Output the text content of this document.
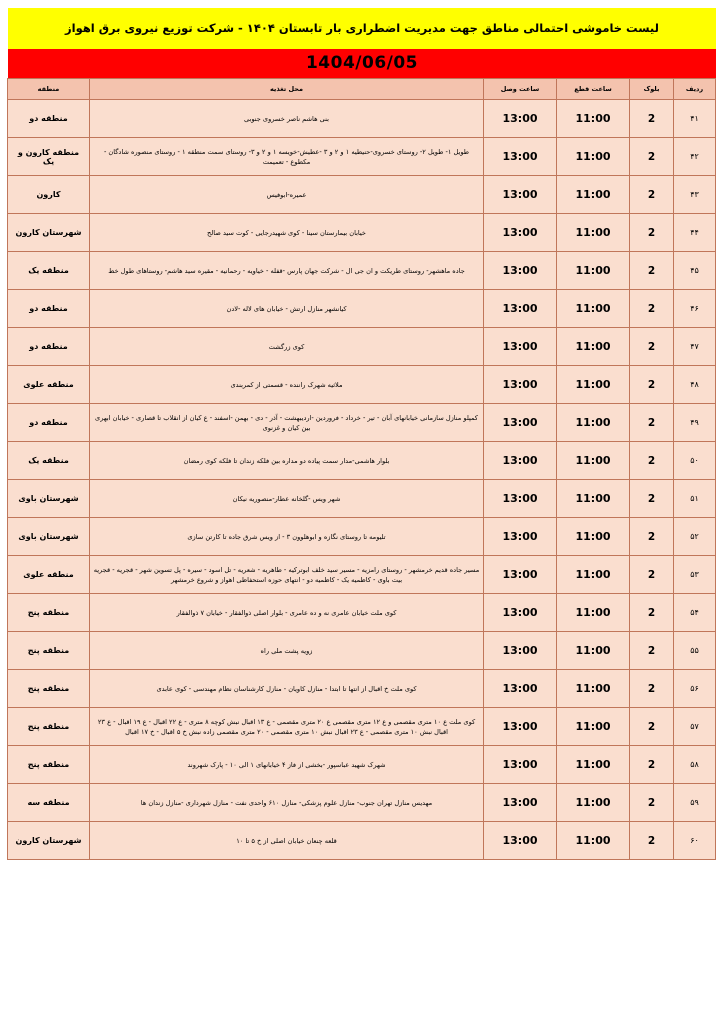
لیست خاموشی احتمالی مناطق جهت مدیریت اضطراری بار تابستان ۱۴۰۴ - شرکت توزیع نیروی برق اهواز
1404/06/05
ردیف	بلوک	ساعت قطع	ساعت وصل	محل تغذیه	منطقه
۴۱	2	11:00	13:00	بنی هاشم ناصر خسروی جنوبی	منطقه دو
۴۲	2	11:00	13:00	طویل ۱- طویل ۲- روستای خسروی-حنیطیه ۱ و ۲ و ۳ -عطیش-خویسه ۱ و ۲ و ۳- روستای سمت منطقه ۱ - روستای منصوره شادگان - مکطوع - تعمیمت	منطقه کارون و یک
۴۳	2	11:00	13:00	عمیره-ابوفیس	کارون
۴۴	2	11:00	13:00	خیابان بیمارستان سینا - کوی شهیدرجایی - کوت سید صالح	شهرستان کارون
۴۵	2	11:00	13:00	جاده ماهشهر- روستای طریکت و ان جی ال - شرکت جهان پارس -قفله - خیاویه - رحمانیه - مقیره سید هاشم- روستاهای طول خط	منطقه یک
۴۶	2	11:00	13:00	کیانشهر منازل ارتش - خیابان های لاله -لادن	منطقه دو
۴۷	2	11:00	13:00	کوی زرگشت	منطقه دو
۴۸	2	11:00	13:00	ملاثیه شهرک راننده - قسمتی از کمربندی	منطقه علوی
۴۹	2	11:00	13:00	کمپلو منازل سازمانی خیابانهای آبان - تیر - خرداد - فروردین -اردیبهشت - آذر - دی - بهمن -اسفند - ع کیان از انقلاب تا قصاری - خیابان ابهری بین کیان و غزنوی	منطقه دو
۵۰	2	11:00	13:00	بلوار هاشمی-مدار سمت پیاده دو مداره بین فلکه زندان تا فلکه کوی رمضان	منطقه یک
۵۱	2	11:00	13:00	شهر ویس -گلخانه عطار-منصوریه نیکان	شهرستان باوی
۵۲	2	11:00	13:00	تلیومه تا روستای نگازه و ابوهلوون ۳ - از ویس شرق جاده تا کارتن سازی	شهرستان باوی
۵۳	2	11:00	13:00	مسیر جاده قدیم خرمشهر - روستای رامزیه - مسیر سید خلف ابوترکیه - طاهریه - شعریه - تل اسود - سیره - پل تسوین شهر - قجریه - قجریه بیت باوی - کاظمیه یک - کاظمیه دو - انتهای حوزه استحفاظی اهواز و شروع خرمشهر	منطقه علوی
۵۴	2	11:00	13:00	کوی ملت خیابان عامری نه و ده عامری - بلوار اصلی ذوالفقار - خیابان ۷ ذوالفقار	منطقه پنج
۵۵	2	11:00	13:00	زویه پشت ملی راه	منطقه پنج
۵۶	2	11:00	13:00	کوی ملت خ اقبال از انتها تا ابتدا - منازل کاویان - منازل کارشناسان نظام مهندسی - کوی عابدی	منطقه پنج
۵۷	2	11:00	13:00	کوی ملت ع ۱۰ متری مقصمی و ع ۱۲ متری مقصمی ع ۲۰ متری مقصمی - ع ۱۳ اقبال نبش کوچه ۸ متری - ع ۲۲ اقبال - ع ۱۹ اقبال - ع ۲۳ اقبال نبش ۱۰ متری مقصمی - ع ۲۳ اقبال نبش ۱۰ متری مقصمی - ۲۰ متری مقصمی زاده نبش خ ۵ اقبال - خ ۱۷ اقبال	منطقه پنج
۵۸	2	11:00	13:00	شهرک شهید عباسپور -بخشی از فاز ۴ خیابانهای ۱ الی ۱۰ - پارک شهروند	منطقه پنج
۵۹	2	11:00	13:00	مهدیس منازل تهران جنوب- منازل علوم پزشکی- منازل ۶۱۰ واحدی نفت - منازل شهرداری -منازل زندان ها	منطقه سه
۶۰	2	11:00	13:00	قلعه چنعان خیابان اصلی از خ ۵ تا ۱۰	شهرستان کارون
